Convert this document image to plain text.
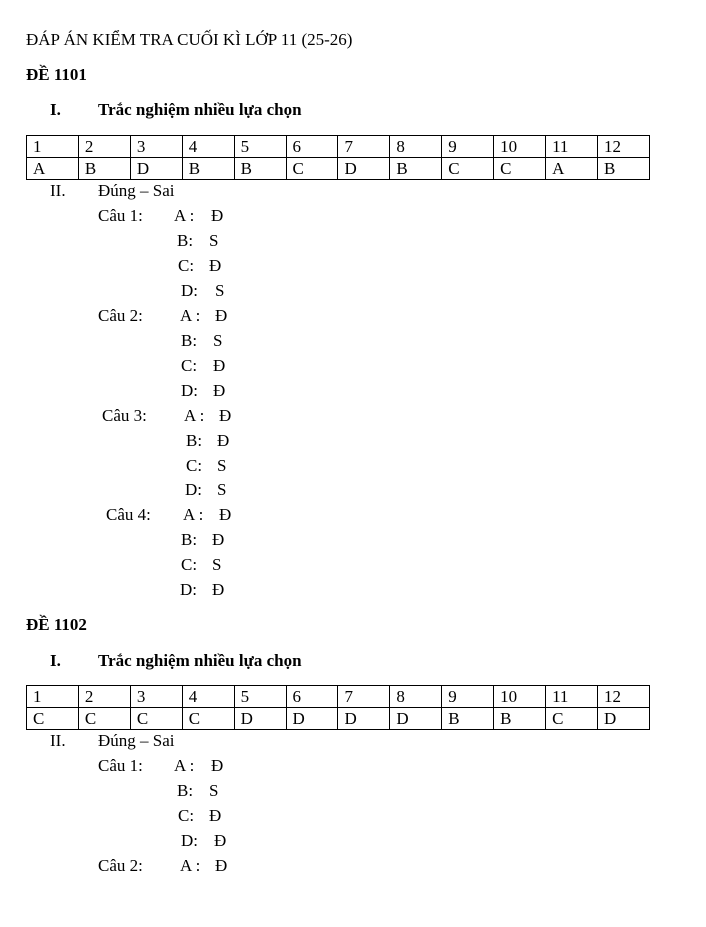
ĐÁP ÁN KIỂM TRA CUỐI KÌ LỚP 11 (25-26)
ĐỀ 1101
I. Trắc nghiệm nhiều lựa chọn
1	2	3	4	5	6	7	8	9	10	11	12
A	B	D	B	B	C	D	B	C	C	A	B
II. Đúng – Sai
Câu 1: A : Đ
B: S
C: Đ
D: S
Câu 2: A : Đ
B: S
C: Đ
D: Đ
Câu 3: A : Đ
B: Đ
C: S
D: S
Câu 4: A : Đ
B: Đ
C: S
D: Đ
ĐỀ 1102
I. Trắc nghiệm nhiều lựa chọn
1	2	3	4	5	6	7	8	9	10	11	12
C	C	C	C	D	D	D	D	B	B	C	D
II. Đúng – Sai
Câu 1: A : Đ
B: S
C: Đ
D: Đ
Câu 2: A : Đ
